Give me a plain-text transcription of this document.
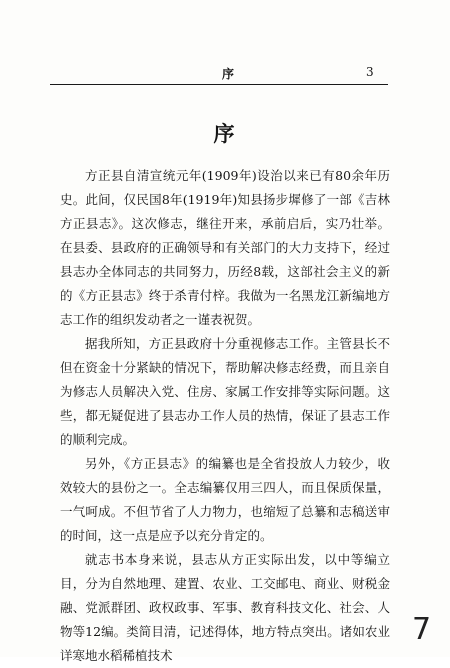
序	3
序

方正县自清宣统元年(1909年)设治以来已有80余年历史。此间，仅民国8年(1919年)知县扬步墀修了一部《吉林方正县志》。这次修志，继往开来，承前启后，实乃壮举。在县委、县政府的正确领导和有关部门的大力支持下，经过县志办全体同志的共同努力，历经8载，这部社会主义的新的《方正县志》终于杀青付梓。我做为一名黑龙江新编地方志工作的组织发动者之一谨表祝贺。

据我所知，方正县政府十分重视修志工作。主管县长不但在资金十分紧缺的情况下，帮助解决修志经费，而且亲自为修志人员解决入党、住房、家属工作安排等实际问题。这些，都无疑促进了县志办工作人员的热情，保证了县志工作的顺利完成。

另外，《方正县志》的编纂也是全省投放人力较少，收效较大的县份之一。全志编纂仅用三四人，而且保质保量，一气呵成。不但节省了人力物力，也缩短了总纂和志稿送审的时间，这一点是应予以充分肯定的。

就志书本身来说，县志从方正实际出发，以中等编立目，分为自然地理、建置、农业、工交邮电、商业、财税金融、党派群团、政权政事、军事、教育科技文化、社会、人物等12编。类简目清，记述得体，地方特点突出。诸如农业详寒地水稻稀植技术

7
